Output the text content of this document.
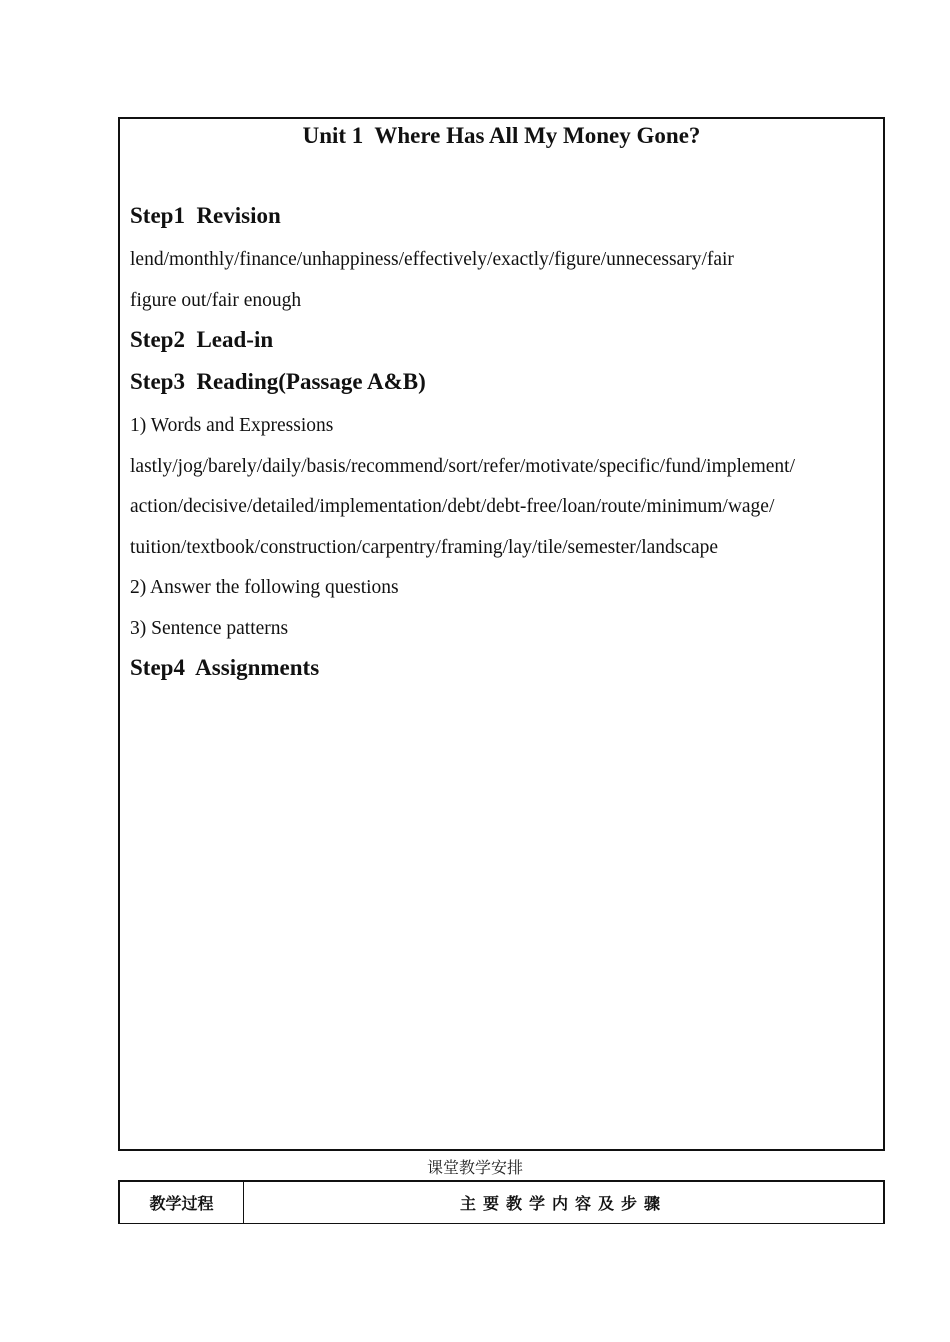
Unit 1  Where Has All My Money Gone?
Step1  Revision
lend/monthly/finance/unhappiness/effectively/exactly/figure/unnecessary/fair
figure out/fair enough
Step2  Lead-in
Step3  Reading(Passage A&B)
1) Words and Expressions
lastly/jog/barely/daily/basis/recommend/sort/refer/motivate/specific/fund/implement/
action/decisive/detailed/implementation/debt/debt-free/loan/route/minimum/wage/
tuition/textbook/construction/carpentry/framing/lay/tile/semester/landscape
2) Answer the following questions
3) Sentence patterns
Step4  Assignments
课堂教学安排
教学过程	主要教学内容及步骤
